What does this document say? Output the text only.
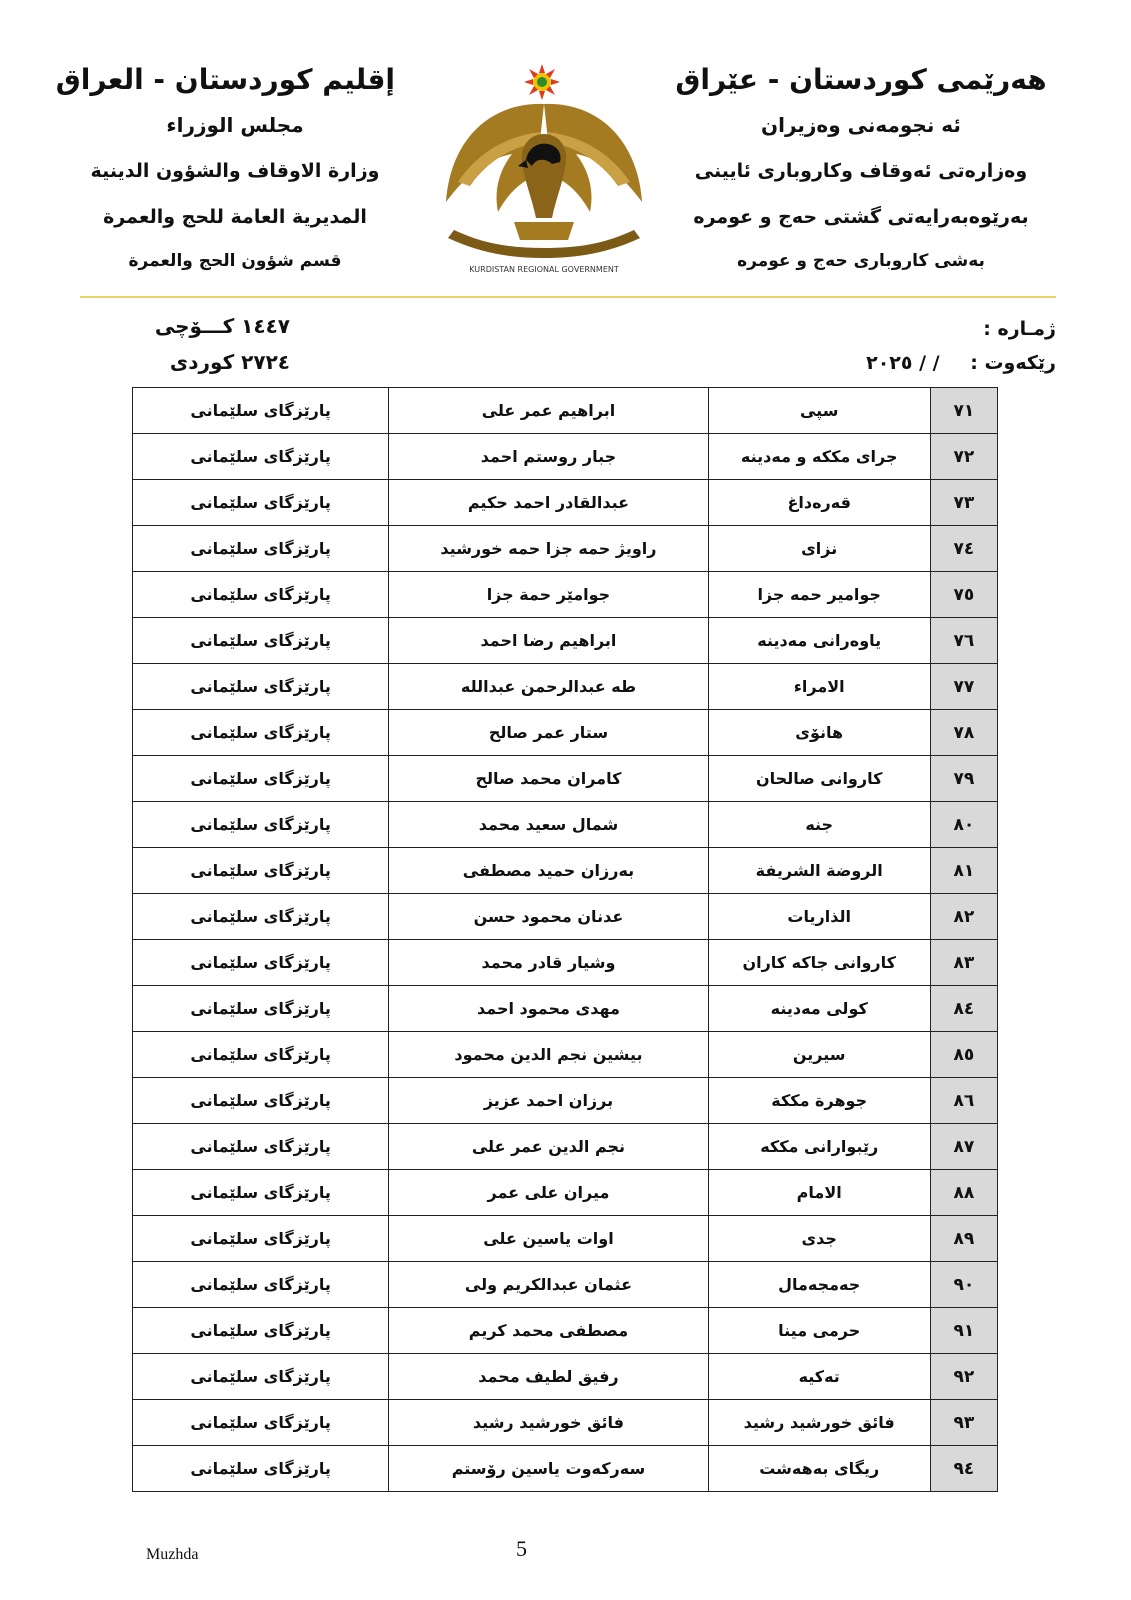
هەرێمی كوردستان - عێراق

ئه نجومەنی وەزیران

وەزارەتی ئەوقاف وكاروباری ئایینی

بەرێوەبەرایەتی گشتی حەج و عومرە

بەشی كاروباری حەج و عومرە

إقليم كوردستان - العراق

مجلس الوزراء

وزارة الاوقاف والشؤون الدينية

المديرية العامة للحج والعمرة

قسم شؤون الحج والعمرة	KURDISTAN REGIONAL GOVERNMENT
ژمـاره :
رێكەوت : / / ٢٠٢٥
١٤٤٧ كـــۆچی
٢٧٢٤ كوردی
٧١	سپی	ابراهيم عمر علی	پارێزگای سلێمانی
٧٢	جرای مككه و مەدینه	جبار روستم احمد	پارێزگای سلێمانی
٧٣	قەرەداغ	عبدالقادر احمد حكيم	پارێزگای سلێمانی
٧٤	نزای	راويژ حمه جزا حمه خورشيد	پارێزگای سلێمانی
٧٥	جوامیر حمه جزا	جوامێر حمة جزا	پارێزگای سلێمانی
٧٦	یاوەرانی مەدینه	ابراهيم رضا احمد	پارێزگای سلێمانی
٧٧	الامراء	طه عبدالرحمن عبدالله	پارێزگای سلێمانی
٧٨	هانۆی	ستار عمر صالح	پارێزگای سلێمانی
٧٩	كاروانی صالحان	كامران محمد صالح	پارێزگای سلێمانی
٨٠	جنه	شمال سعيد محمد	پارێزگای سلێمانی
٨١	الروضة الشريفة	بەرزان حميد مصطفى	پارێزگای سلێمانی
٨٢	الذاريات	عدنان محمود حسن	پارێزگای سلێمانی
٨٣	كاروانی جاكه كاران	وشيار قادر محمد	پارێزگای سلێمانی
٨٤	كولی مەدینه	مهدی محمود احمد	پارێزگای سلێمانی
٨٥	سيرين	بيشين نجم الدين محمود	پارێزگای سلێمانی
٨٦	جوهرة مككة	برزان احمد عزيز	پارێزگای سلێمانی
٨٧	رێبوارانی مككه	نجم الدين عمر علی	پارێزگای سلێمانی
٨٨	الامام	ميران علی عمر	پارێزگای سلێمانی
٨٩	جدی	اوات ياسين علی	پارێزگای سلێمانی
٩٠	جەمجەمال	عثمان عبدالكريم ولی	پارێزگای سلێمانی
٩١	حرمی مینا	مصطفى محمد كريم	پارێزگای سلێمانی
٩٢	تەكيه	رفيق لطيف محمد	پارێزگای سلێمانی
٩٣	فائق خورشيد رشيد	فائق خورشيد رشيد	پارێزگای سلێمانی
٩٤	ریگای بەهەشت	سەركەوت ياسين رۆستم	پارێزگای سلێمانی
Muzhda	5
